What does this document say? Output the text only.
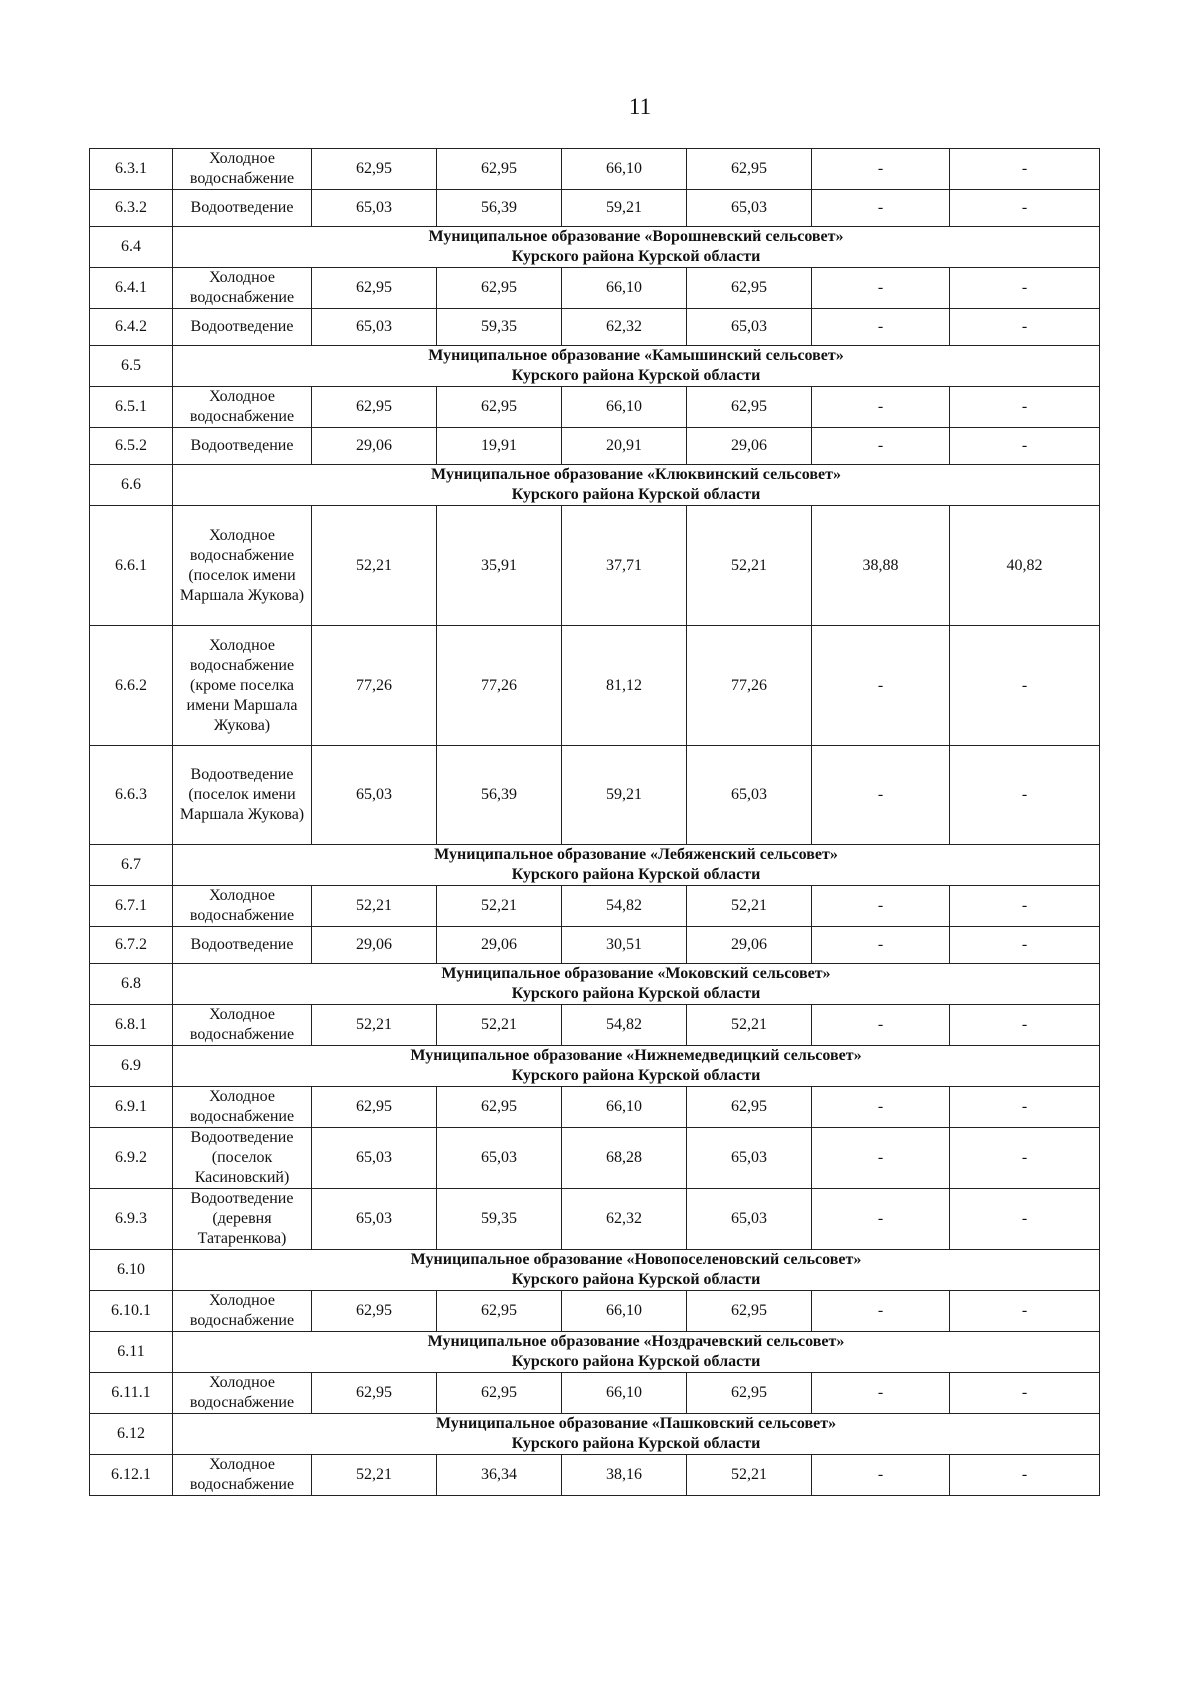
11
6.3.1	Холодное водоснабжение	62,95	62,95	66,10	62,95	-	-
6.3.2	Водоотведение	65,03	56,39	59,21	65,03	-	-
6.4	Муниципальное образование «Ворошневский сельсовет»
Курского района Курской области						

6.4.1	Холодное водоснабжение	62,95	62,95	66,10	62,95	-	-
6.4.2	Водоотведение	65,03	59,35	62,32	65,03	-	-
6.5	Муниципальное образование «Камышинский сельсовет»
Курского района Курской области						

6.5.1	Холодное водоснабжение	62,95	62,95	66,10	62,95	-	-
6.5.2	Водоотведение	29,06	19,91	20,91	29,06	-	-
6.6	Муниципальное образование «Клюквинский сельсовет»
Курского района Курской области						

6.6.1	Холодное водоснабжение (поселок имени Маршала Жукова)	52,21	35,91	37,71	52,21	38,88	40,82
6.6.2	Холодное водоснабжение (кроме поселка имени Маршала Жукова)	77,26	77,26	81,12	77,26	-	-
6.6.3	Водоотведение (поселок имени Маршала Жукова)	65,03	56,39	59,21	65,03	-	-
6.7	Муниципальное образование «Лебяженский сельсовет»
Курского района Курской области						

6.7.1	Холодное водоснабжение	52,21	52,21	54,82	52,21	-	-
6.7.2	Водоотведение	29,06	29,06	30,51	29,06	-	-
6.8	Муниципальное образование «Моковский сельсовет»
Курского района Курской области						

6.8.1	Холодное водоснабжение	52,21	52,21	54,82	52,21	-	-
6.9	Муниципальное образование «Нижнемедведицкий сельсовет»
Курского района Курской области						

6.9.1	Холодное водоснабжение	62,95	62,95	66,10	62,95	-	-
6.9.2	Водоотведение (поселок Касиновский)	65,03	65,03	68,28	65,03	-	-
6.9.3	Водоотведение (деревня Татаренкова)	65,03	59,35	62,32	65,03	-	-
6.10	Муниципальное образование «Новопоселеновский сельсовет»
Курского района Курской области						

6.10.1	Холодное водоснабжение	62,95	62,95	66,10	62,95	-	-
6.11	Муниципальное образование «Ноздрачевский сельсовет»
Курского района Курской области						

6.11.1	Холодное водоснабжение	62,95	62,95	66,10	62,95	-	-
6.12	Муниципальное образование «Пашковский сельсовет»
Курского района Курской области						

6.12.1	Холодное водоснабжение	52,21	36,34	38,16	52,21	-	-
